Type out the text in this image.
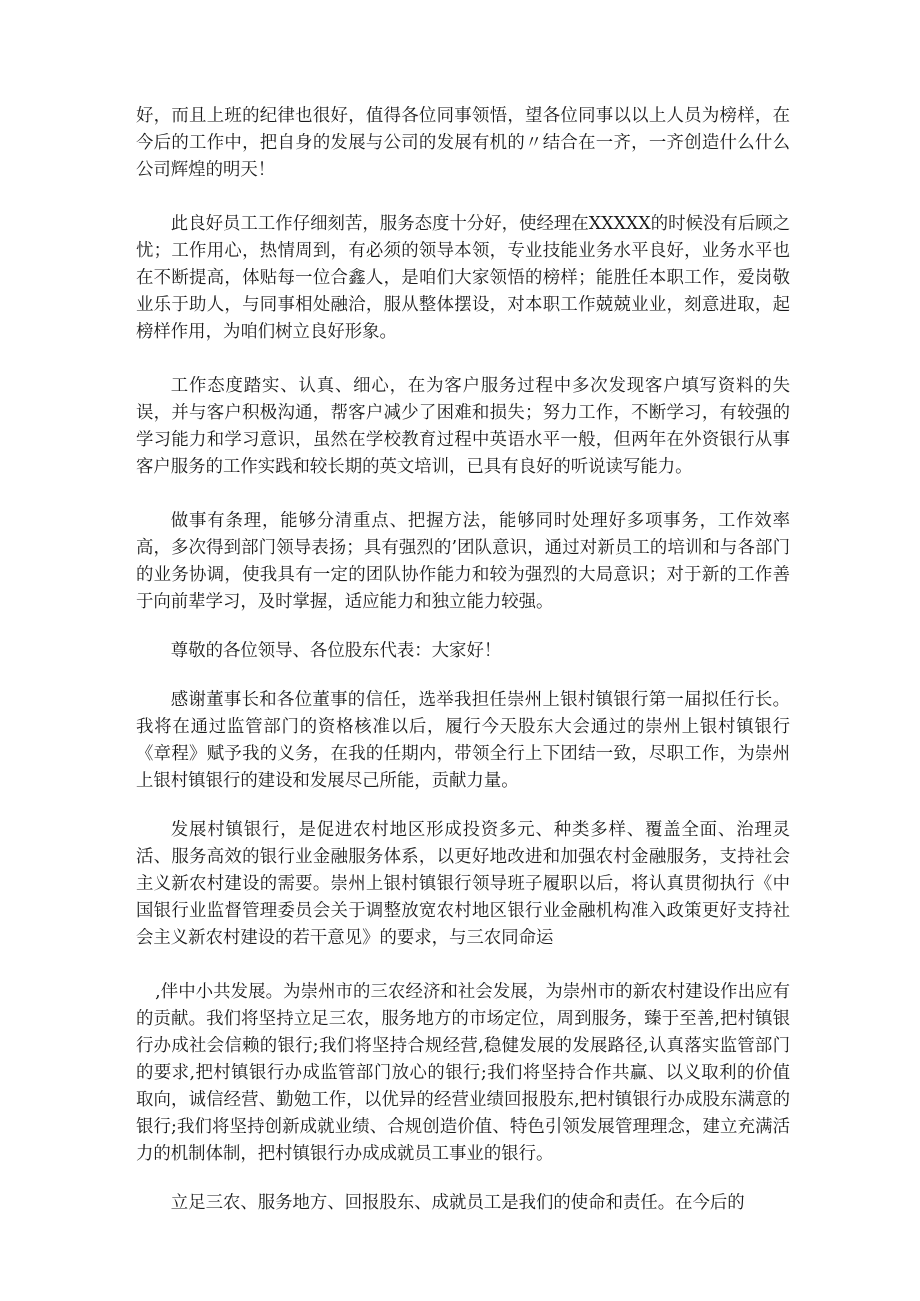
好，而且上班的纪律也很好，值得各位同事领悟，望各位同事以以上人员为榜样，在今后的工作中，把自身的发展与公司的发展有机的〃结合在一齐，一齐创造什么什么公司辉煌的明天！

此良好员工工作仔细刻苦，服务态度十分好，使经理在XXXXX的时候没有后顾之忧；工作用心，热情周到，有必须的领导本领，专业技能业务水平良好，业务水平也在不断提高，体贴每一位合鑫人，是咱们大家领悟的榜样；能胜任本职工作，爱岗敬业乐于助人，与同事相处融洽，服从整体摆设，对本职工作兢兢业业，刻意进取，起榜样作用，为咱们树立良好形象。

工作态度踏实、认真、细心，在为客户服务过程中多次发现客户填写资料的失误，并与客户积极沟通，帮客户减少了困难和损失；努力工作，不断学习，有较强的学习能力和学习意识，虽然在学校教育过程中英语水平一般，但两年在外资银行从事客户服务的工作实践和较长期的英文培训，已具有良好的听说读写能力。

做事有条理，能够分清重点、把握方法，能够同时处理好多项事务，工作效率高，多次得到部门领导表扬；具有强烈的’团队意识，通过对新员工的培训和与各部门的业务协调，使我具有一定的团队协作能力和较为强烈的大局意识；对于新的工作善于向前辈学习，及时掌握，适应能力和独立能力较强。

尊敬的各位领导、各位股东代表：大家好！

感谢董事长和各位董事的信任，选举我担任崇州上银村镇银行第一届拟任行长。我将在通过监管部门的资格核准以后，履行今天股东大会通过的崇州上银村镇银行《章程》赋予我的义务，在我的任期内，带领全行上下团结一致，尽职工作，为崇州上银村镇银行的建设和发展尽己所能，贡献力量。

发展村镇银行，是促进农村地区形成投资多元、种类多样、覆盖全面、治理灵活、服务高效的银行业金融服务体系，以更好地改进和加强农村金融服务，支持社会主义新农村建设的需要。崇州上银村镇银行领导班子履职以后，将认真贯彻执行《中国银行业监督管理委员会关于调整放宽农村地区银行业金融机构准入政策更好支持社会主义新农村建设的若干意见》的要求，与三农同命运

,伴中小共发展。为崇州市的三农经济和社会发展，为崇州市的新农村建设作出应有的贡献。我们将坚持立足三农，服务地方的市场定位，周到服务，臻于至善,把村镇银行办成社会信赖的银行;我们将坚持合规经营,稳健发展的发展路径,认真落实监管部门的要求,把村镇银行办成监管部门放心的银行;我们将坚持合作共赢、以义取利的价值取向，诚信经营、勤勉工作，以优异的经营业绩回报股东,把村镇银行办成股东满意的银行;我们将坚持创新成就业绩、合规创造价值、特色引领发展管理理念，建立充满活力的机制体制，把村镇银行办成成就员工事业的银行。

立足三农、服务地方、回报股东、成就员工是我们的使命和责任。在今后的
